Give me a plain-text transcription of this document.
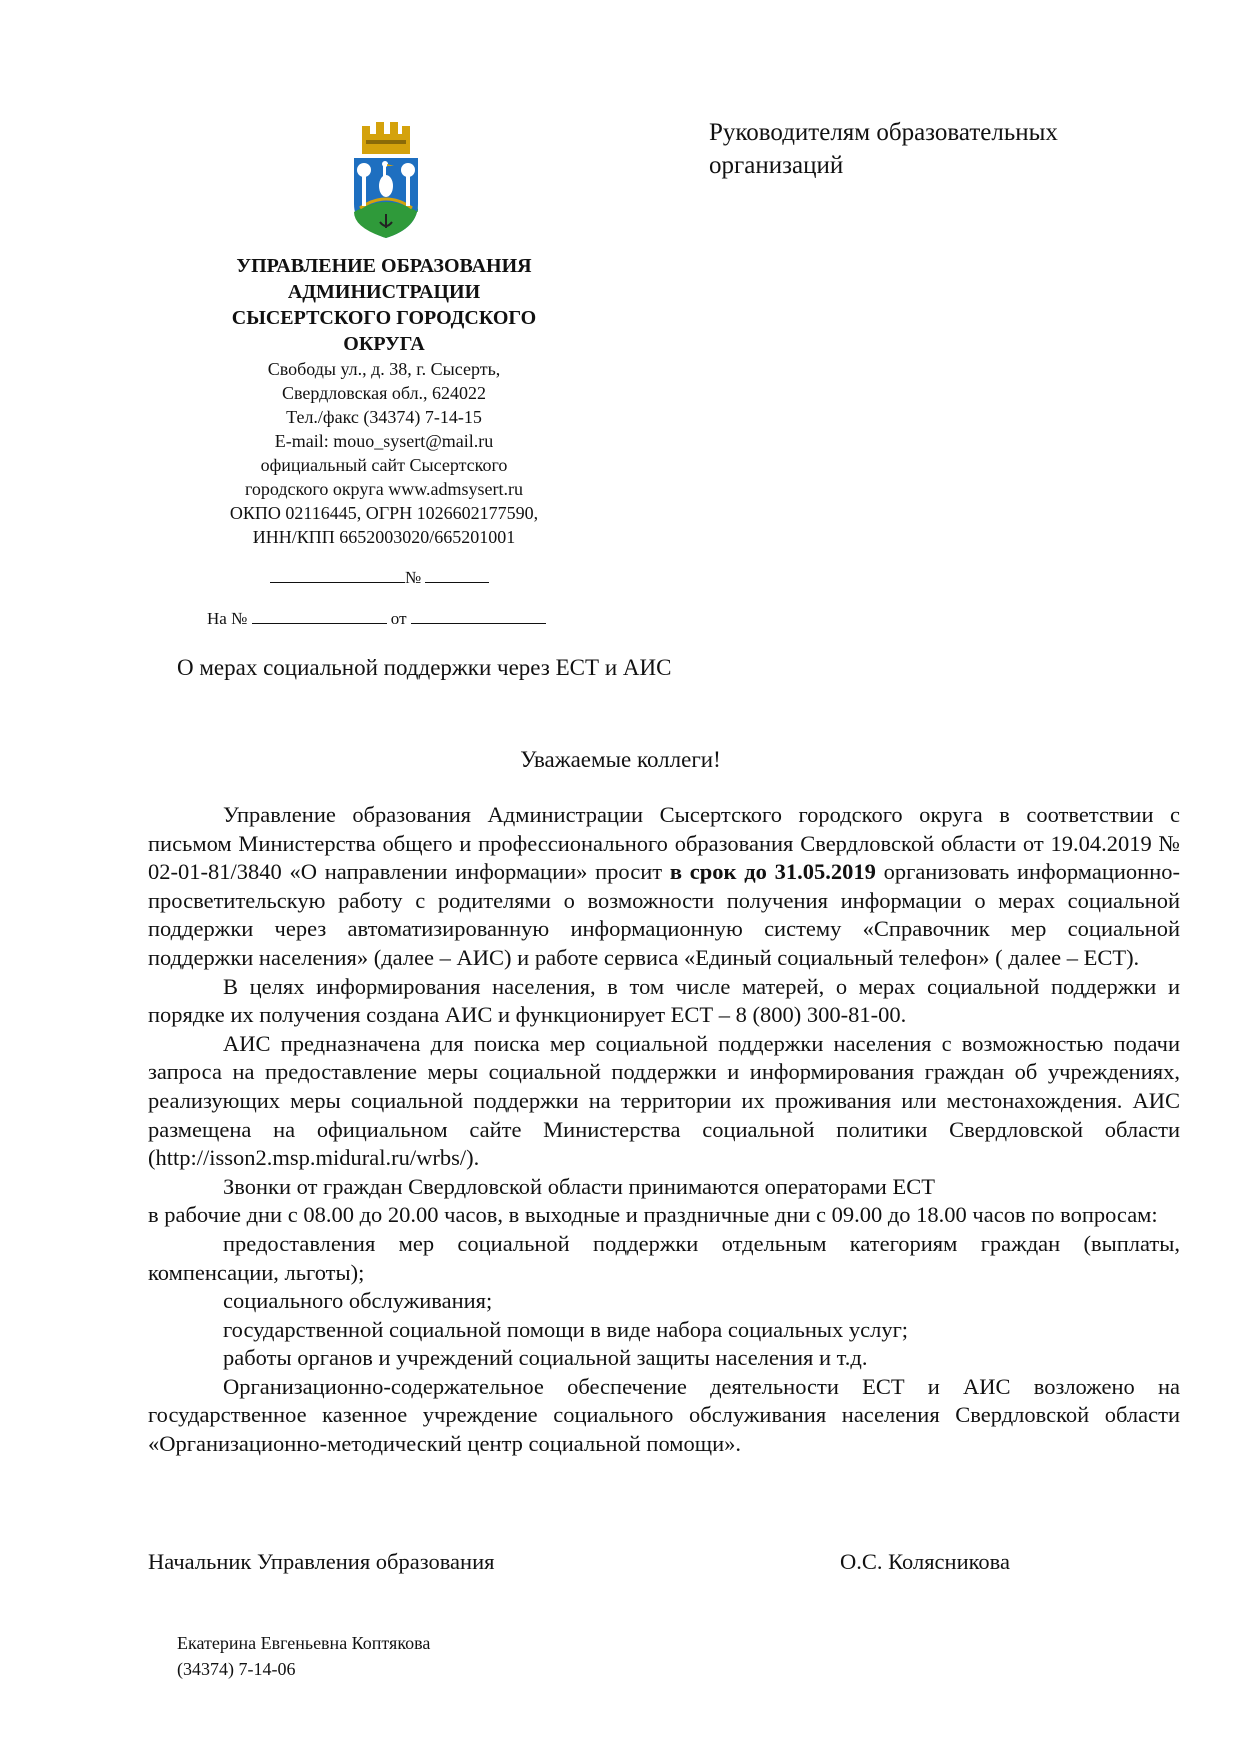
Руководителям образовательных организаций
УПРАВЛЕНИЕ ОБРАЗОВАНИЯ
АДМИНИСТРАЦИИ
СЫСЕРТСКОГО ГОРОДСКОГО
ОКРУГА
Свободы ул., д. 38, г. Сысерть,
Свердловская обл., 624022
Тел./факс (34374) 7-14-15
E-mail: mouo_sysert@mail.ru
официальный сайт Сысертского
городского округа www.admsysert.ru
ОКПО 02116445, ОГРН 1026602177590,
ИНН/КПП 6652003020/665201001
№
На №	от
О мерах социальной поддержки через ЕСТ и АИС
Уважаемые коллеги!

Управление образования Администрации Сысертского городского округа в соответствии с письмом Министерства общего и профессионального образования Свердловской области от 19.04.2019 № 02-01-81/3840 «О направлении информации» просит в срок до 31.05.2019 организовать информационно-просветительскую работу с родителями о возможности получения информации о мерах социальной поддержки через автоматизированную информационную систему «Справочник мер социальной поддержки населения» (далее – АИС) и работе сервиса «Единый социальный телефон» ( далее – ЕСТ).

В целях информирования населения, в том числе матерей, о мерах социальной поддержки и порядке их получения создана АИС и функционирует ЕСТ – 8 (800) 300-81-00.

АИС предназначена для поиска мер социальной поддержки населения с возможностью подачи запроса на предоставление меры социальной поддержки и информирования граждан об учреждениях, реализующих меры социальной поддержки на территории их проживания или местонахождения. АИС размещена на официальном сайте Министерства социальной политики Свердловской области (http://isson2.msp.midural.ru/wrbs/).

Звонки от граждан Свердловской области принимаются операторами ЕСТ

в рабочие дни с 08.00 до 20.00 часов, в выходные и праздничные дни с 09.00 до 18.00 часов по вопросам:

предоставления мер социальной поддержки отдельным категориям граждан (выплаты, компенсации, льготы);

социального обслуживания;

государственной социальной помощи в виде набора социальных услуг;

работы органов и учреждений социальной защиты населения и т.д.

Организационно-содержательное обеспечение деятельности ЕСТ и АИС возложено на государственное казенное учреждение социального обслуживания населения Свердловской области «Организационно-методический центр социальной помощи».

Начальник Управления образования	О.С. Колясникова
Екатерина Евгеньевна Коптякова
(34374) 7-14-06
